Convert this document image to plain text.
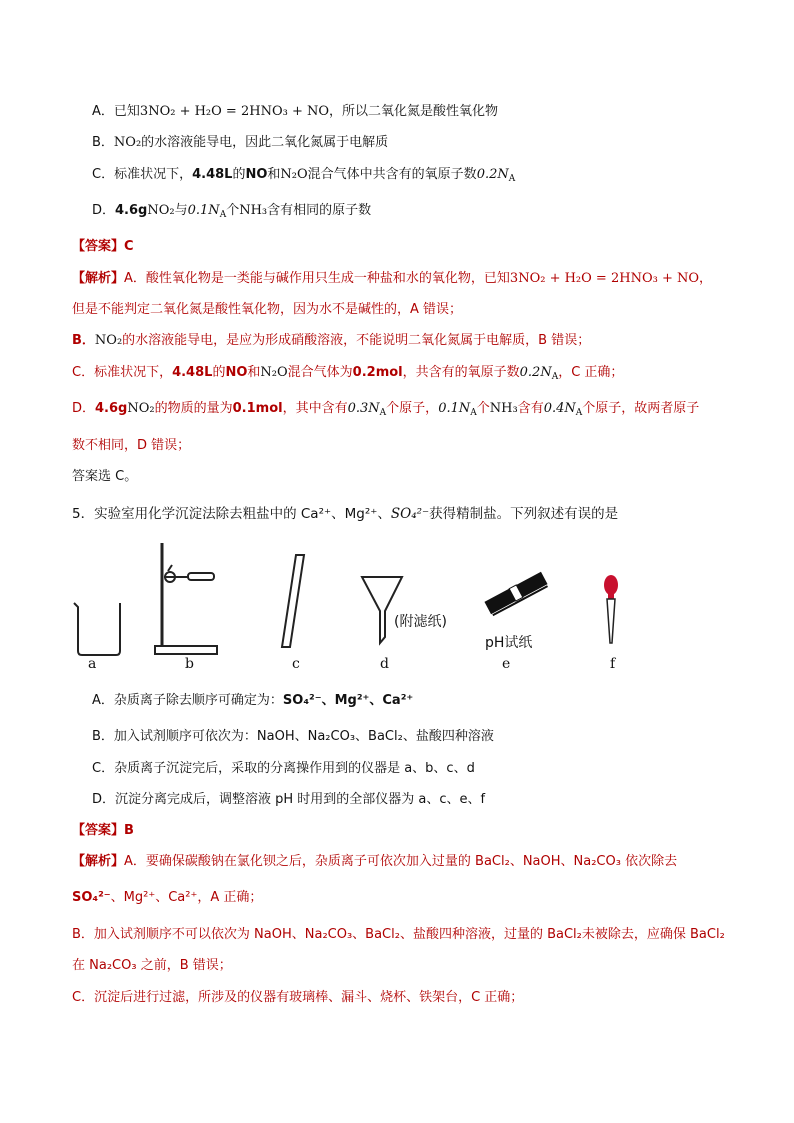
A．已知3NO₂ + H₂O = 2HNO₃ + NO，所以二氧化氮是酸性氧化物
B．NO₂的水溶液能导电，因此二氧化氮属于电解质
C．标准状况下，4.48L的NO和N₂O混合气体中共含有的氧原子数$0.2N_A$
D．4.6gNO₂与$0.1N_A$个NH₃含有相同的原子数
【答案】C
【解析】A．酸性氧化物是一类能与碱作用只生成一种盐和水的氧化物，已知3NO₂ + H₂O = 2HNO₃ + NO，
但是不能判定二氧化氮是酸性氧化物，因为水不是碱性的，A 错误；
B．NO₂的水溶液能导电，是应为形成硝酸溶液，不能说明二氧化氮属于电解质，B 错误；
C．标准状况下，4.48L的NO和N₂O混合气体为0.2mol，共含有的氧原子数$0.2N_A$，C 正确；
D．4.6gNO₂的物质的量为0.1mol，其中含有$0.3N_A$个原子，$0.1N_A$个NH₃含有$0.4N_A$个原子，故两者原子
数不相同，D 错误；
答案选 C。
5．实验室用化学沉淀法除去粗盐中的 Ca²⁺、Mg²⁺、SO₄²⁻获得精制盐。下列叙述有误的是
(附滤纸)
pH试纸
a	b	c	d	e	f
A．杂质离子除去顺序可确定为：SO₄²⁻、Mg²⁺、Ca²⁺
B．加入试剂顺序可依次为：NaOH、Na₂CO₃、BaCl₂、盐酸四种溶液
C．杂质离子沉淀完后，采取的分离操作用到的仪器是 a、b、c、d
D．沉淀分离完成后，调整溶液 pH 时用到的全部仪器为 a、c、e、f
【答案】B
【解析】A．要确保碳酸钠在氯化钡之后，杂质离子可依次加入过量的 BaCl₂、NaOH、Na₂CO₃ 依次除去
SO₄²⁻、Mg²⁺、Ca²⁺，A 正确；
B．加入试剂顺序不可以依次为 NaOH、Na₂CO₃、BaCl₂、盐酸四种溶液，过量的 BaCl₂未被除去，应确保 BaCl₂
在 Na₂CO₃ 之前，B 错误；
C．沉淀后进行过滤，所涉及的仪器有玻璃棒、漏斗、烧杯、铁架台，C 正确；
